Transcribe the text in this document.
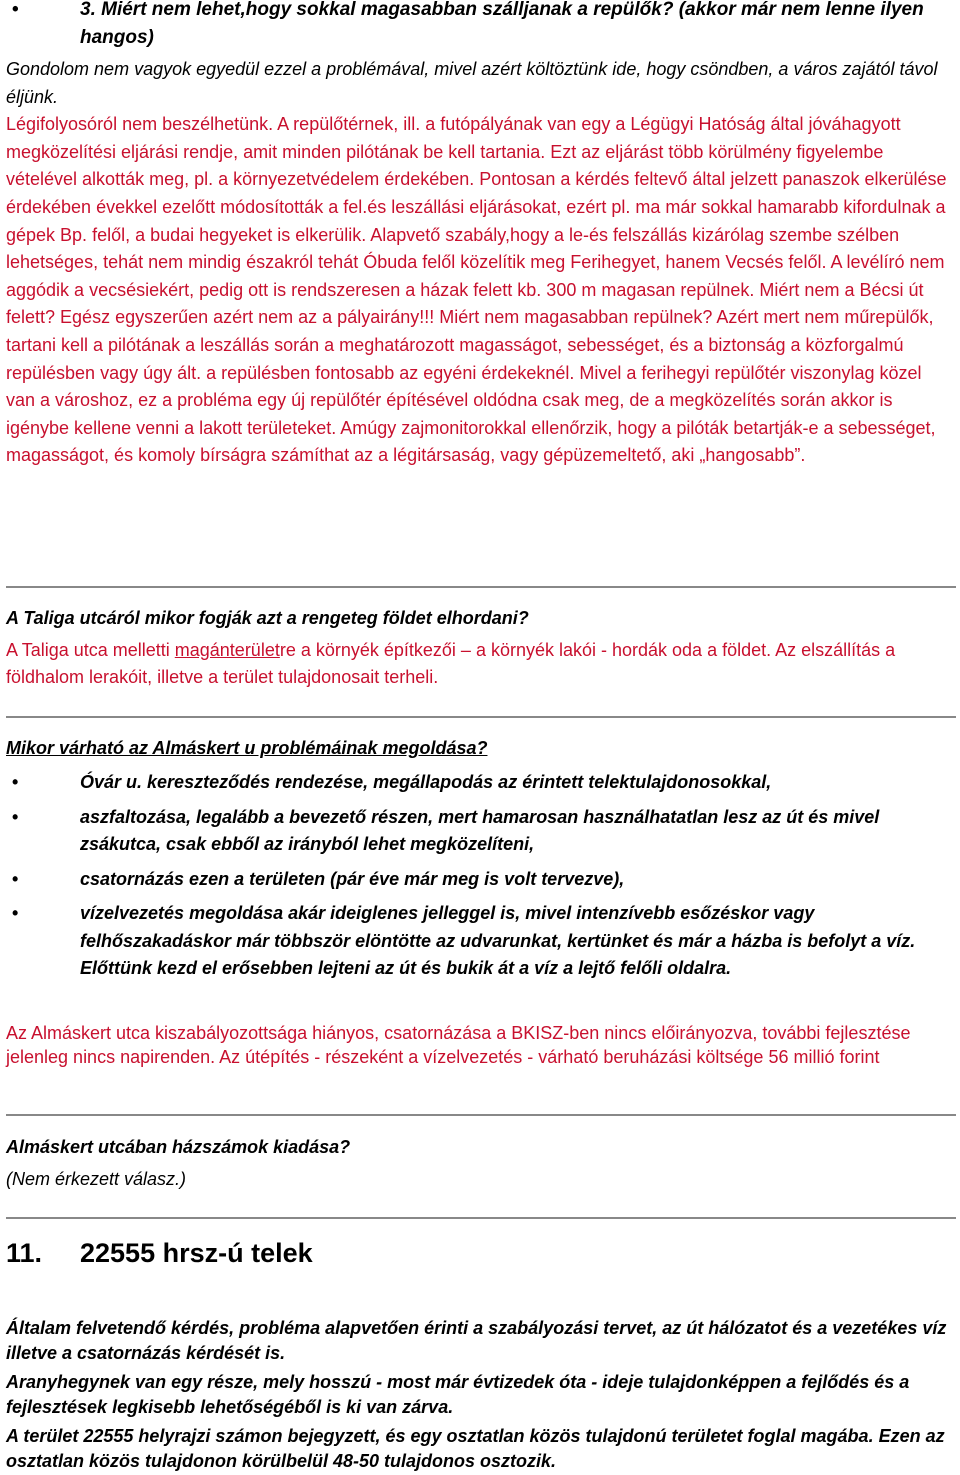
•	3. Miért nem lehet,hogy sokkal magasabban szálljanak a repülők? (akkor már nem lenne ilyen hangos)

Gondolom nem vagyok egyedül ezzel a problémával, mivel azért költöztünk ide, hogy csöndben, a város zajától távol éljünk.
Légifolyosóról nem beszélhetünk. A repülőtérnek, ill. a futópályának van egy a Légügyi Hatóság által jóváhagyott megközelítési eljárási rendje, amit minden pilótának be kell tartania. Ezt az eljárást több körülmény figyelembe vételével alkották meg, pl. a környezetvédelem érdekében. Pontosan a kérdés feltevő által jelzett panaszok elkerülése érdekében évekkel ezelőtt módosították a fel.és leszállási eljárásokat, ezért pl. ma már sokkal hamarabb kifordulnak a gépek Bp. felől, a budai hegyeket is elkerülik. Alapvető szabály,hogy a le-és felszállás kizárólag szembe szélben lehetséges, tehát nem mindig északról tehát Óbuda felől közelítik meg Ferihegyet, hanem Vecsés felől. A levélíró nem aggódik a vecsésiekért, pedig ott is rendszeresen a házak felett kb. 300 m magasan repülnek. Miért nem a Bécsi út felett? Egész egyszerűen azért nem az a pályairány!!! Miért nem magasabban repülnek? Azért mert nem műrepülők, tartani kell a pilótának a leszállás során a meghatározott magasságot, sebességet, és a biztonság a közforgalmú repülésben vagy úgy ált. a repülésben fontosabb az egyéni érdekeknél. Mivel a ferihegyi repülőtér viszonylag közel van a városhoz, ez a probléma egy új repülőtér építésével oldódna csak meg, de a megközelítés során akkor is igénybe kellene venni a lakott területeket. Amúgy zajmonitorokkal ellenőrzik, hogy a pilóták betartják-e a sebességet, magasságot, és komoly bírságra számíthat az a légitársaság, vagy gépüzemeltető, aki „hangosabb”.

A Taliga utcáról mikor fogják azt a rengeteg földet elhordani?

A Taliga utca melletti magánterületre a környék építkezői – a környék lakói - hordák oda a földet. Az elszállítás a földhalom lerakóit, illetve a terület tulajdonosait terheli.

Mikor várható az Almáskert u problémáinak megoldása?

•	Óvár u. kereszteződés rendezése, megállapodás az érintett telektulajdonosokkal,
•	aszfaltozása, legalább a bevezető részen, mert hamarosan használhatatlan lesz az út és mivel zsákutca, csak ebből az irányból lehet megközelíteni,
•	csatornázás ezen a területen (pár éve már meg is volt tervezve),
•	vízelvezetés megoldása akár ideiglenes jelleggel is, mivel intenzívebb esőzéskor vagy felhőszakadáskor már többször elöntötte az udvarunkat, kertünket és már a házba is befolyt a víz. Előttünk kezd el erősebben lejteni az út és bukik át a víz a lejtő felőli oldalra.

Az Almáskert utca kiszabályozottsága hiányos, csatornázása a BKISZ-ben nincs előirányozva, további fejlesztése jelenleg nincs napirenden. Az útépítés - részeként a vízelvezetés - várható beruházási költsége 56 millió forint

Almáskert utcában házszámok kiadása?

(Nem érkezett válasz.)

11. 22555 hrsz-ú telek

Általam felvetendő kérdés, probléma alapvetően érinti a szabályozási tervet, az út hálózatot és a vezetékes víz illetve a csatornázás kérdését is.

Aranyhegynek van egy része, mely hosszú - most már évtizedek óta - ideje tulajdonképpen a fejlődés és a fejlesztések legkisebb lehetőségéből is ki van zárva.

A terület 22555 helyrajzi számon bejegyzett, és egy osztatlan közös tulajdonú területet foglal magába. Ezen az osztatlan közös tulajdonon körülbelül 48-50 tulajdonos osztozik.
